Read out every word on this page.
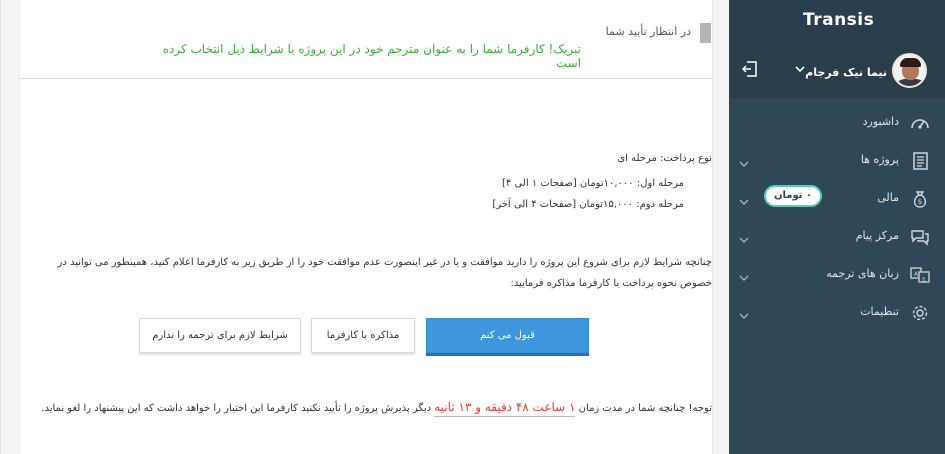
در انتظار تأیید شما
تبریک! کارفرما شما را به عنوان مترجم خود در این پروژه با شرایط ذیل انتخاب کرده است
نوع پرداخت: مرحله ای
مرحله اول: ۱۰,۰۰۰تومان [صفحات ۱ الی ۴]
مرحله دوم: ۱۵,۰۰۰تومان [صفحات ۴ الی آخر]
چنانچه شرایط لازم برای شروع این پروژه را دارید موافقت و یا در غیر اینصورت عدم موافقت خود را از طریق زیر به کارفرما اعلام کنید، همینطور می توانید در خصوص نحوه پرداخت با کارفرما مذاکره فرمایید:
قبول می کنم
مذاکره با کارفرما
شرایط لازم برای ترجمه را ندارم
توجه! چنانچه شما در مدت زمان ۱ ساعت ۴۸ دقیقه و ۱۳ ثانیه دیگر پذیرش پروژه را تأیید نکنید کارفرما این اختیار را خواهد داشت که این پیشنهاد را لغو نماید.
Transis
نیما نیک فرجام
داشبورد
پروژه ها
$
مالی
۰ تومان
مرکز پیام
A
ع
زبان های ترجمه
تنظیمات
